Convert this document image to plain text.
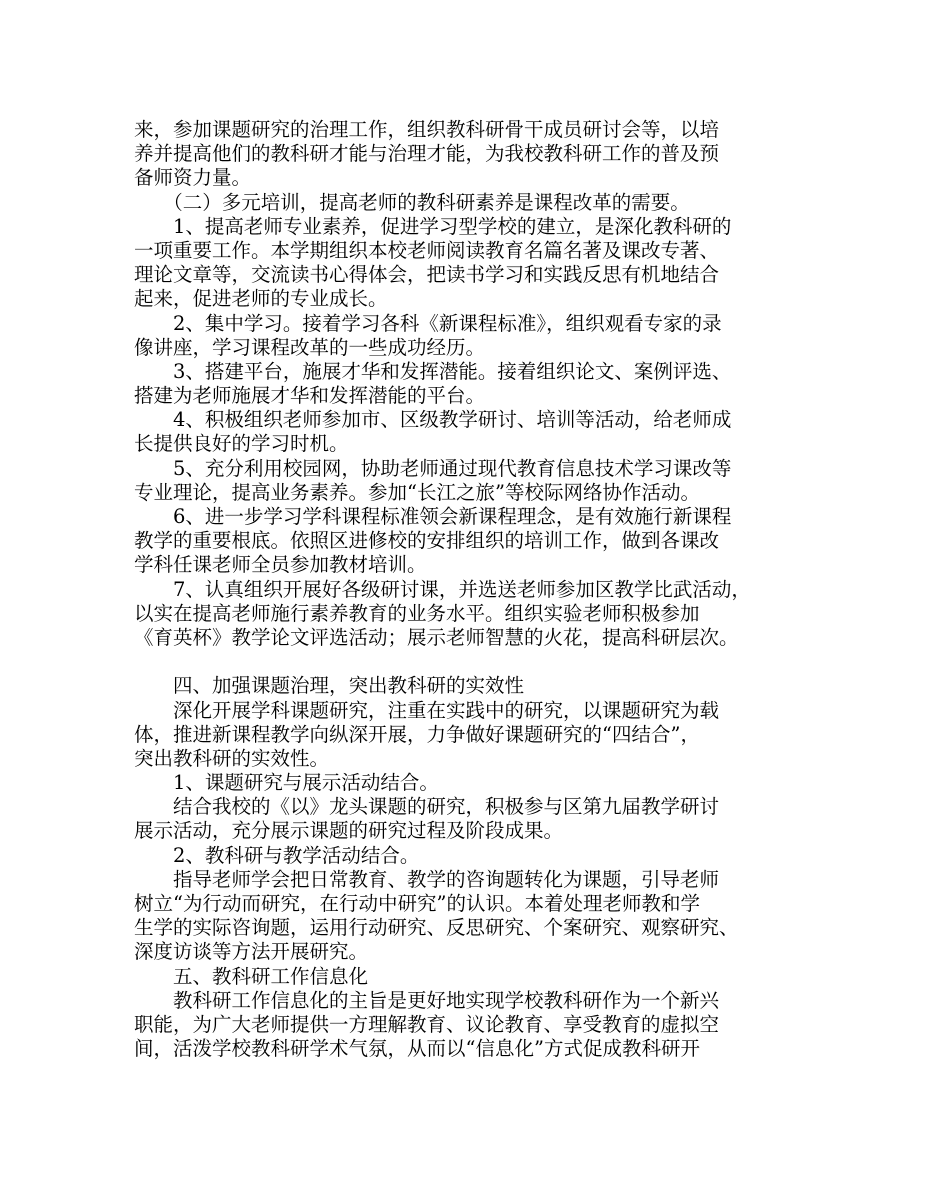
来，参加课题研究的治理工作，组织教科研骨干成员研讨会等，以培
养并提高他们的教科研才能与治理才能，为我校教科研工作的普及预
备师资力量。
　　（二）多元培训，提高老师的教科研素养是课程改革的需要。
　　1、提高老师专业素养，促进学习型学校的建立，是深化教科研的
一项重要工作。本学期组织本校老师阅读教育名篇名著及课改专著、
理论文章等，交流读书心得体会，把读书学习和实践反思有机地结合
起来，促进老师的专业成长。
　　2、集中学习。接着学习各科《新课程标准》，组织观看专家的录
像讲座，学习课程改革的一些成功经历。
　　3、搭建平台，施展才华和发挥潜能。接着组织论文、案例评选、
搭建为老师施展才华和发挥潜能的平台。
　　4、积极组织老师参加市、区级教学研讨、培训等活动，给老师成
长提供良好的学习时机。
　　5、充分利用校园网，协助老师通过现代教育信息技术学习课改等
专业理论，提高业务素养。参加“长江之旅”等校际网络协作活动。
　　6、进一步学习学科课程标准领会新课程理念，是有效施行新课程
教学的重要根底。依照区进修校的安排组织的培训工作，做到各课改
学科任课老师全员参加教材培训。
　　7、认真组织开展好各级研讨课，并选送老师参加区教学比武活动，
以实在提高老师施行素养教育的业务水平。组织实验老师积极参加
《育英杯》教学论文评选活动；展示老师智慧的火花，提高科研层次。
　　四、加强课题治理，突出教科研的实效性
　　深化开展学科课题研究，注重在实践中的研究，以课题研究为载
体，推进新课程教学向纵深开展，力争做好课题研究的“四结合”，
突出教科研的实效性。
　　1、课题研究与展示活动结合。
　　结合我校的《以》龙头课题的研究，积极参与区第九届教学研讨
展示活动，充分展示课题的研究过程及阶段成果。
　　2、教科研与教学活动结合。
　　指导老师学会把日常教育、教学的咨询题转化为课题，引导老师
树立“为行动而研究，在行动中研究”的认识。本着处理老师教和学
生学的实际咨询题，运用行动研究、反思研究、个案研究、观察研究、
深度访谈等方法开展研究。
　　五、教科研工作信息化
　　教科研工作信息化的主旨是更好地实现学校教科研作为一个新兴
职能，为广大老师提供一方理解教育、议论教育、享受教育的虚拟空
间，活泼学校教科研学术气氛，从而以“信息化”方式促成教科研开
